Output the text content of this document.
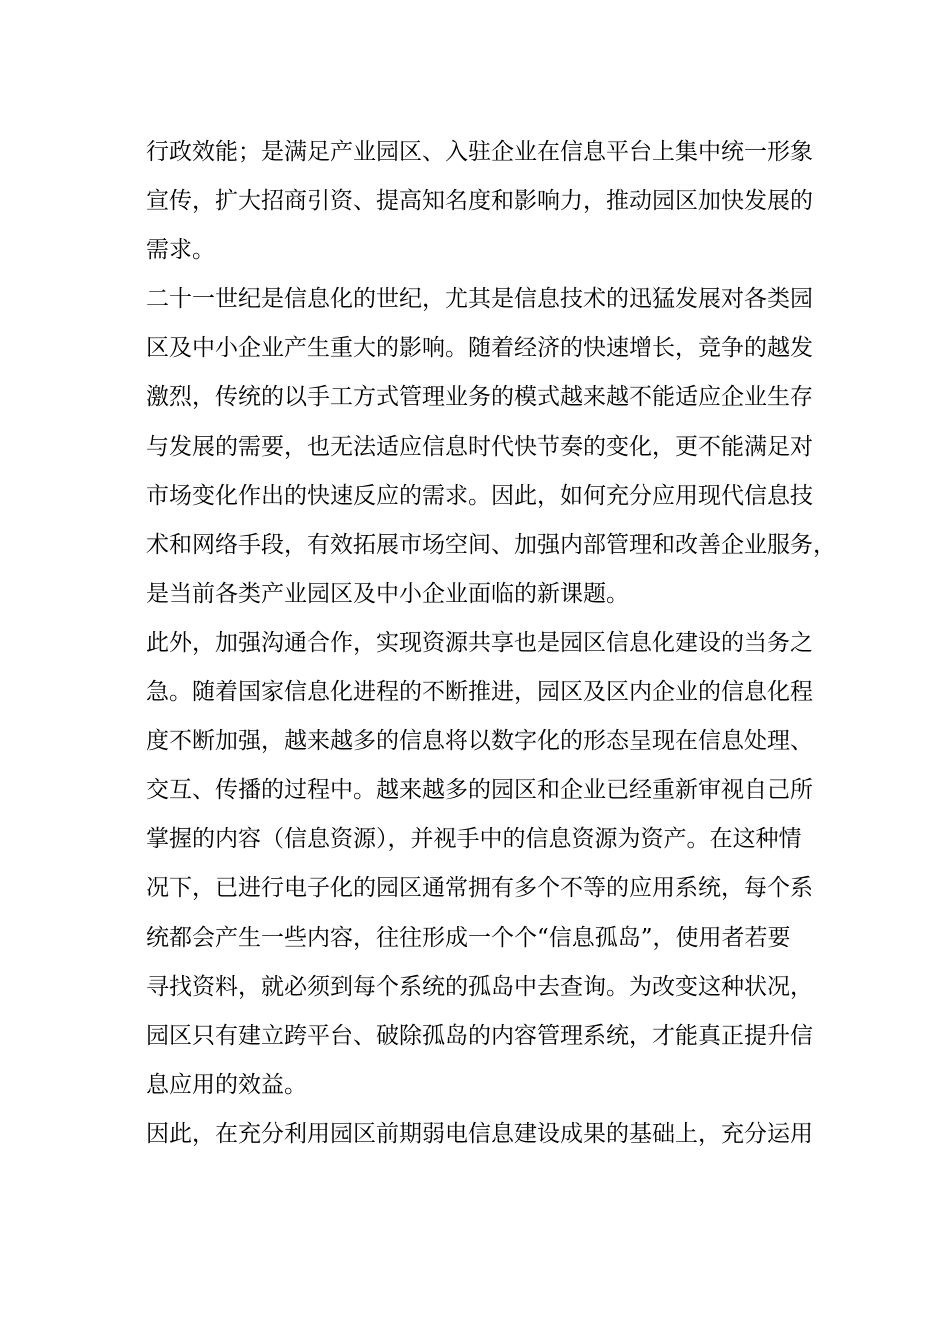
行政效能；是满足产业园区、入驻企业在信息平台上集中统一形象
宣传，扩大招商引资、提高知名度和影响力，推动园区加快发展的
需求。
二十一世纪是信息化的世纪，尤其是信息技术的迅猛发展对各类园
区及中小企业产生重大的影响。随着经济的快速增长，竞争的越发
激烈，传统的以手工方式管理业务的模式越来越不能适应企业生存
与发展的需要，也无法适应信息时代快节奏的变化，更不能满足对
市场变化作出的快速反应的需求。因此，如何充分应用现代信息技
术和网络手段，有效拓展市场空间、加强内部管理和改善企业服务，
是当前各类产业园区及中小企业面临的新课题。
此外，加强沟通合作，实现资源共享也是园区信息化建设的当务之
急。随着国家信息化进程的不断推进，园区及区内企业的信息化程
度不断加强，越来越多的信息将以数字化的形态呈现在信息处理、
交互、传播的过程中。越来越多的园区和企业已经重新审视自己所
掌握的内容（信息资源），并视手中的信息资源为资产。在这种情
况下，已进行电子化的园区通常拥有多个不等的应用系统，每个系
统都会产生一些内容，往往形成一个个“信息孤岛”，使用者若要
寻找资料，就必须到每个系统的孤岛中去查询。为改变这种状况，
园区只有建立跨平台、破除孤岛的内容管理系统，才能真正提升信
息应用的效益。
因此，在充分利用园区前期弱电信息建设成果的基础上，充分运用
